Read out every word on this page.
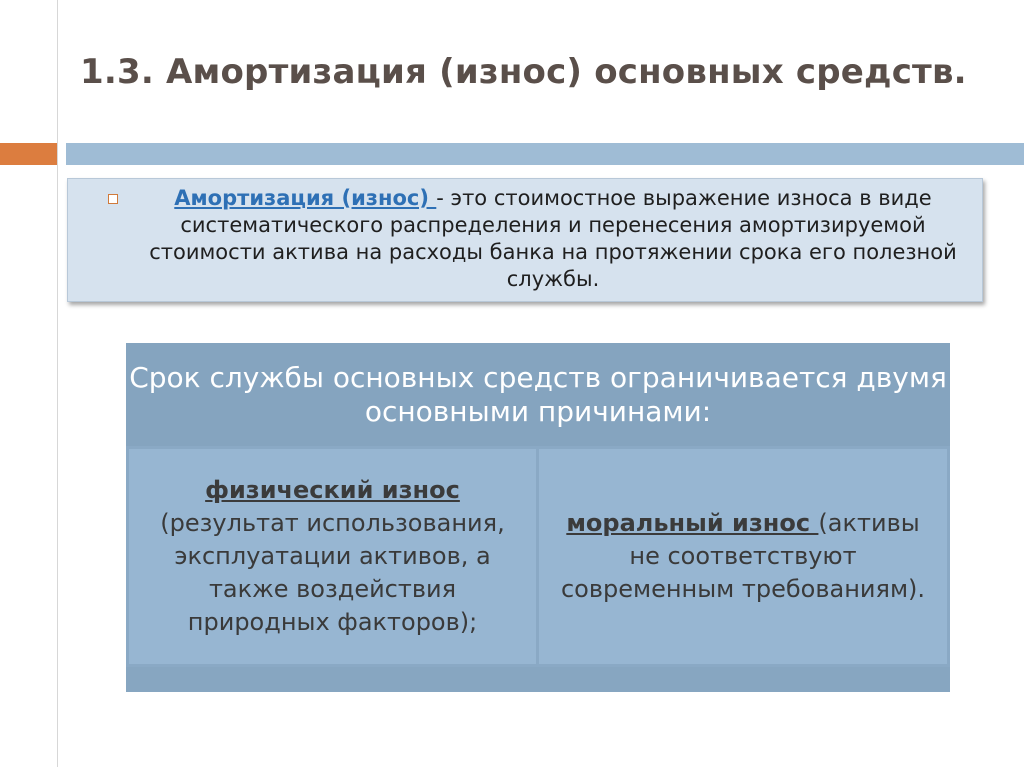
1.3. Амортизация (износ) основных средств.
Амортизация (износ) - это стоимостное выражение износа в виде систематического распределения и перенесения амортизируемой стоимости актива на расходы банка на протяжении срока его полезной службы.
Срок службы основных средств ограничивается двумя основными причинами:
физический износ
(результат использования, эксплуатации активов, а также воздействия природных факторов);
моральный износ (активы не соответствуют современным требованиям).
